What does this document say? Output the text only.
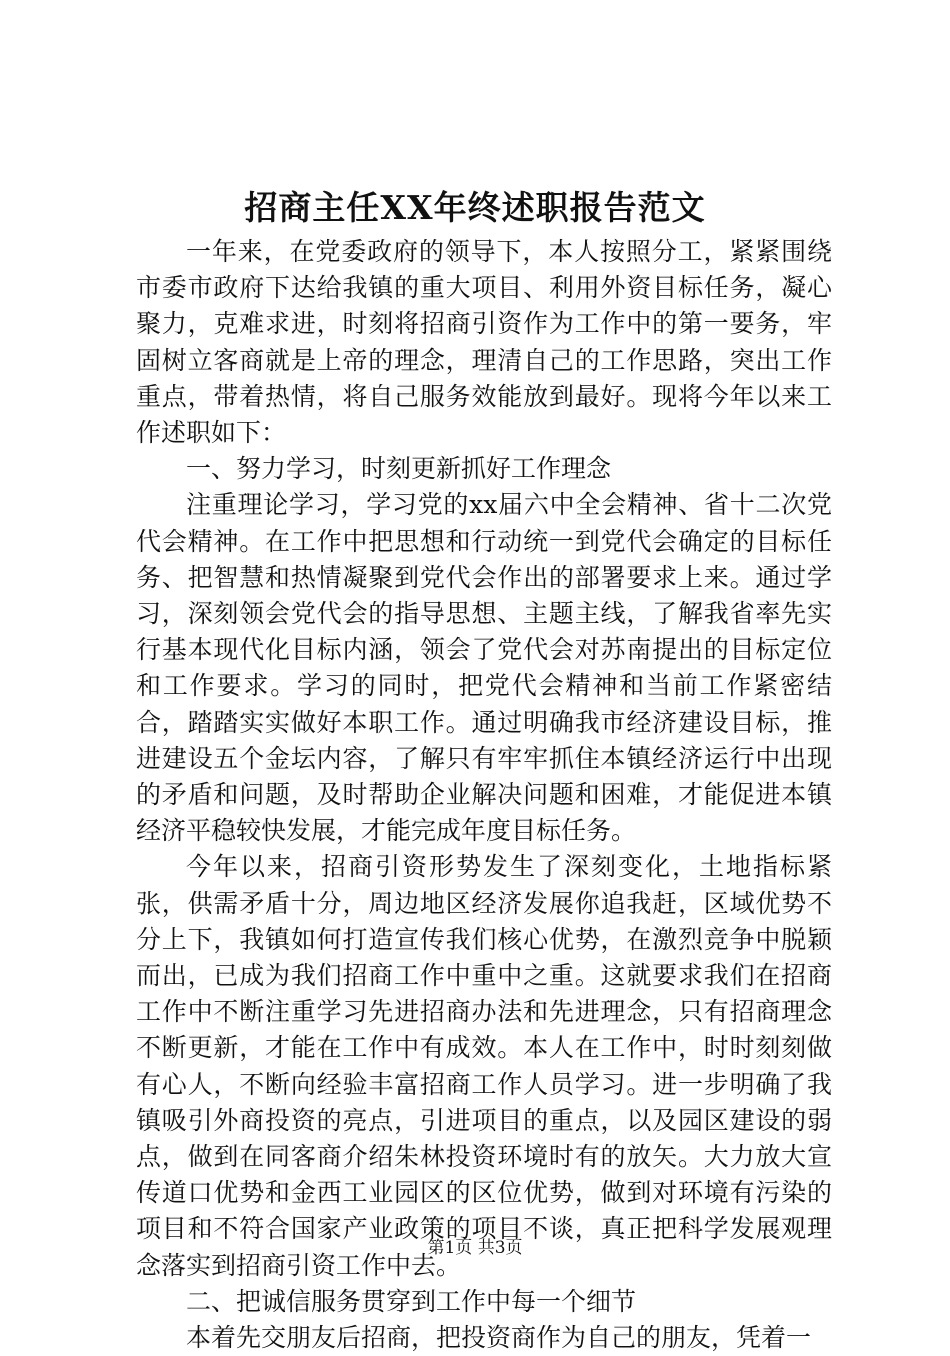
招商主任XX年终述职报告范文

一年来，在党委政府的领导下，本人按照分工，紧紧围绕市委市政府下达给我镇的重大项目、利用外资目标任务，凝心聚力，克难求进，时刻将招商引资作为工作中的第一要务，牢固树立客商就是上帝的理念，理清自己的工作思路，突出工作重点，带着热情，将自己服务效能放到最好。现将今年以来工作述职如下：

一、努力学习，时刻更新抓好工作理念

注重理论学习，学习党的xx届六中全会精神、省十二次党代会精神。在工作中把思想和行动统一到党代会确定的目标任务、把智慧和热情凝聚到党代会作出的部署要求上来。通过学习，深刻领会党代会的指导思想、主题主线，了解我省率先实行基本现代化目标内涵，领会了党代会对苏南提出的目标定位和工作要求。学习的同时，把党代会精神和当前工作紧密结合，踏踏实实做好本职工作。通过明确我市经济建设目标，推进建设五个金坛内容，了解只有牢牢抓住本镇经济运行中出现的矛盾和问题，及时帮助企业解决问题和困难，才能促进本镇经济平稳较快发展，才能完成年度目标任务。

今年以来，招商引资形势发生了深刻变化，土地指标紧张，供需矛盾十分，周边地区经济发展你追我赶，区域优势不分上下，我镇如何打造宣传我们核心优势，在激烈竞争中脱颖而出，已成为我们招商工作中重中之重。这就要求我们在招商工作中不断注重学习先进招商办法和先进理念，只有招商理念不断更新，才能在工作中有成效。本人在工作中，时时刻刻做有心人，不断向经验丰富招商工作人员学习。进一步明确了我镇吸引外商投资的亮点，引进项目的重点，以及园区建设的弱点，做到在同客商介绍朱林投资环境时有的放矢。大力放大宣传道口优势和金西工业园区的区位优势，做到对环境有污染的项目和不符合国家产业政策的项目不谈，真正把科学发展观理念落实到招商引资工作中去。

二、把诚信服务贯穿到工作中每一个细节

本着先交朋友后招商，把投资商作为自己的朋友，凭着一

第1页 共3页
